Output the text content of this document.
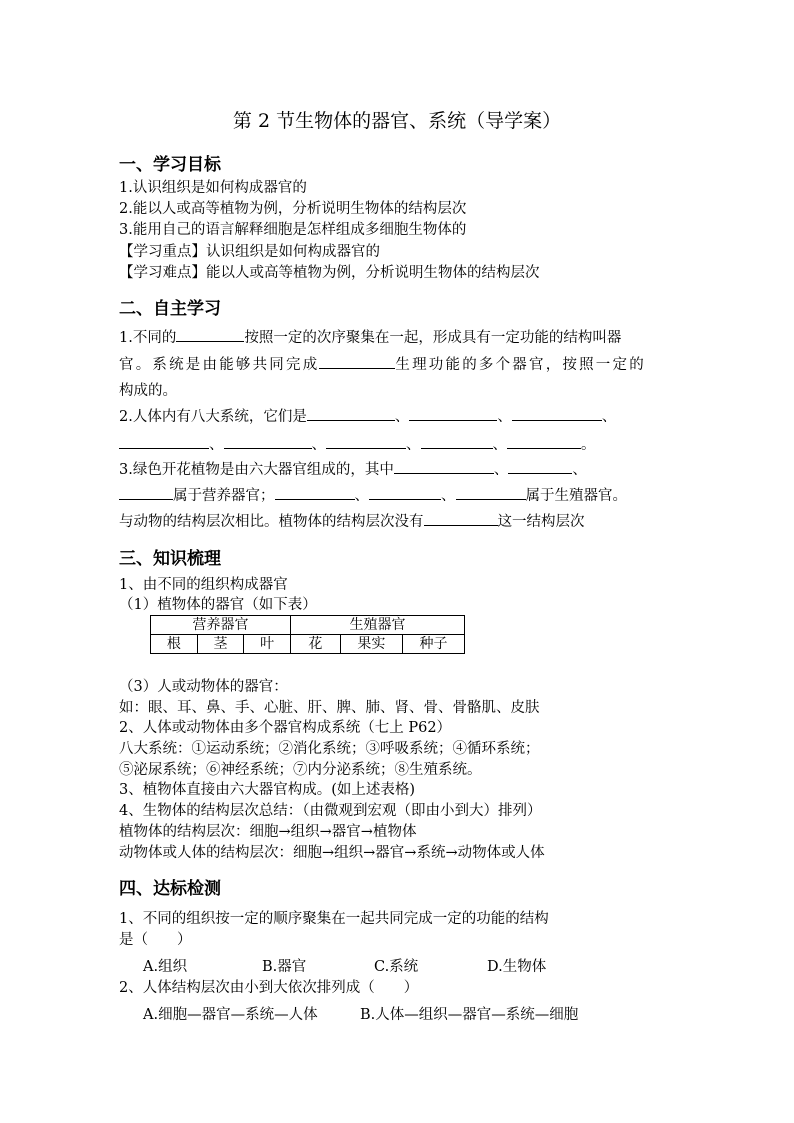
第 2 节生物体的器官、系统（导学案）
一、学习目标
1.认识组织是如何构成器官的
2.能以人或高等植物为例，分析说明生物体的结构层次
3.能用自己的语言解释细胞是怎样组成多细胞生物体的
【学习重点】认识组织是如何构成器官的
【学习难点】能以人或高等植物为例，分析说明生物体的结构层次
二、自主学习
1.不同的	按照一定的次序聚集在一起，形成具有一定功能的结构叫器
官。系统是由能够共同完成	生理功能的多个器官，按照一定的
构成的。
2.人体内有八大系统，它们是	、	、	、
、	、	、	、	。
3.绿色开花植物是由六大器官组成的，其中	、	、
属于营养器官；	、	、	属于生殖器官。
与动物的结构层次相比。植物体的结构层次没有	这一结构层次
三、知识梳理
1、由不同的组织构成器官
（1）植物体的器官（如下表）
营养器官			生殖器官		
根	茎	叶	花	果实	种子
（3）人或动物体的器官：
如：眼、耳、鼻、手、心脏、肝、脾、肺、肾、骨、骨骼肌、皮肤
2、人体或动物体由多个器官构成系统（七上 P62）
八大系统：①运动系统；②消化系统；③呼吸系统；④循环系统；
⑤泌尿系统；⑥神经系统；⑦内分泌系统；⑧生殖系统。
3、植物体直接由六大器官构成。(如上述表格)
4、生物体的结构层次总结：（由微观到宏观（即由小到大）排列）
植物体的结构层次：细胞→组织→器官→植物体
动物体或人体的结构层次：细胞→组织→器官→系统→动物体或人体
四、达标检测
1、不同的组织按一定的顺序聚集在一起共同完成一定的功能的结构
是（　　）
A.组织	B.器官	C.系统	D.生物体
2、人体结构层次由小到大依次排列成（　　）
A.细胞—器官—系统—人体	B.人体—组织—器官—系统—细胞
